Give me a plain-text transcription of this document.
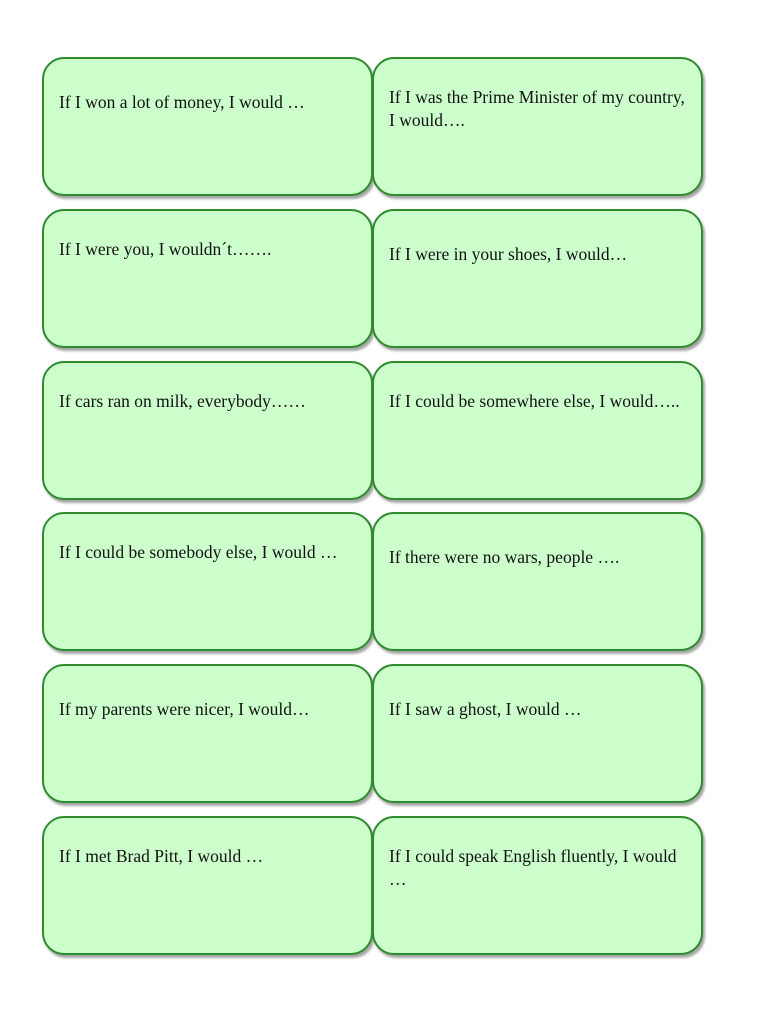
If I won a lot of money, I would …	If I was the Prime Minister of my country, I would….
If I were you, I wouldn´t…….	If I were in your shoes, I would…
If cars ran on milk, everybody……	If I could be somewhere else, I would…..
If I could be somebody else, I would …	If there were no wars, people ….
If my parents were nicer, I would…	If I saw a ghost, I would …
If I met Brad Pitt, I would …	If I could speak English fluently, I would …
